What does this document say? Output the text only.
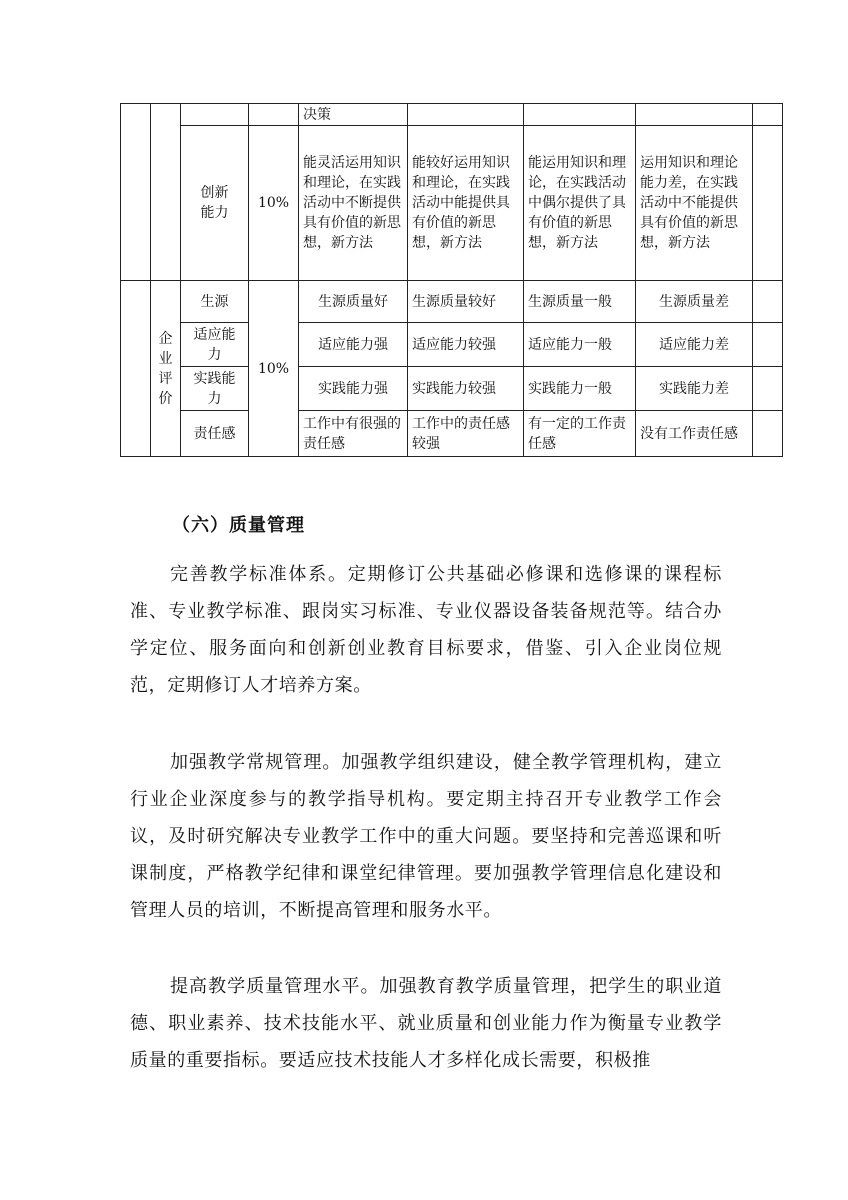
				决策				
		创新能力	10%	能灵活运用知识和理论，在实践活动中不断提供具有价值的新思想，新方法	能较好运用知识和理论，在实践活动中能提供具有价值的新思想，新方法	能运用知识和理论，在实践活动中偶尔提供了具有价值的新思想，新方法	运用知识和理论能力差，在实践活动中不能提供具有价值的新思想，新方法	
	企业评价	生源	10%	生源质量好	生源质量较好	生源质量一般	生源质量差	
		适应能力		适应能力强	适应能力较强	适应能力一般	适应能力差	
		实践能力		实践能力强	实践能力较强	实践能力一般	实践能力差	
		责任感		工作中有很强的责任感	工作中的责任感较强	有一定的工作责任感	没有工作责任感	
（六）质量管理

完善教学标准体系。定期修订公共基础必修课和选修课的课程标准、专业教学标准、跟岗实习标准、专业仪器设备装备规范等。结合办学定位、服务面向和创新创业教育目标要求，借鉴、引入企业岗位规范，定期修订人才培养方案。

加强教学常规管理。加强教学组织建设，健全教学管理机构，建立行业企业深度参与的教学指导机构。要定期主持召开专业教学工作会议，及时研究解决专业教学工作中的重大问题。要坚持和完善巡课和听课制度，严格教学纪律和课堂纪律管理。要加强教学管理信息化建设和管理人员的培训，不断提高管理和服务水平。

提高教学质量管理水平。加强教育教学质量管理，把学生的职业道德、职业素养、技术技能水平、就业质量和创业能力作为衡量专业教学质量的重要指标。要适应技术技能人才多样化成长需要，积极推
